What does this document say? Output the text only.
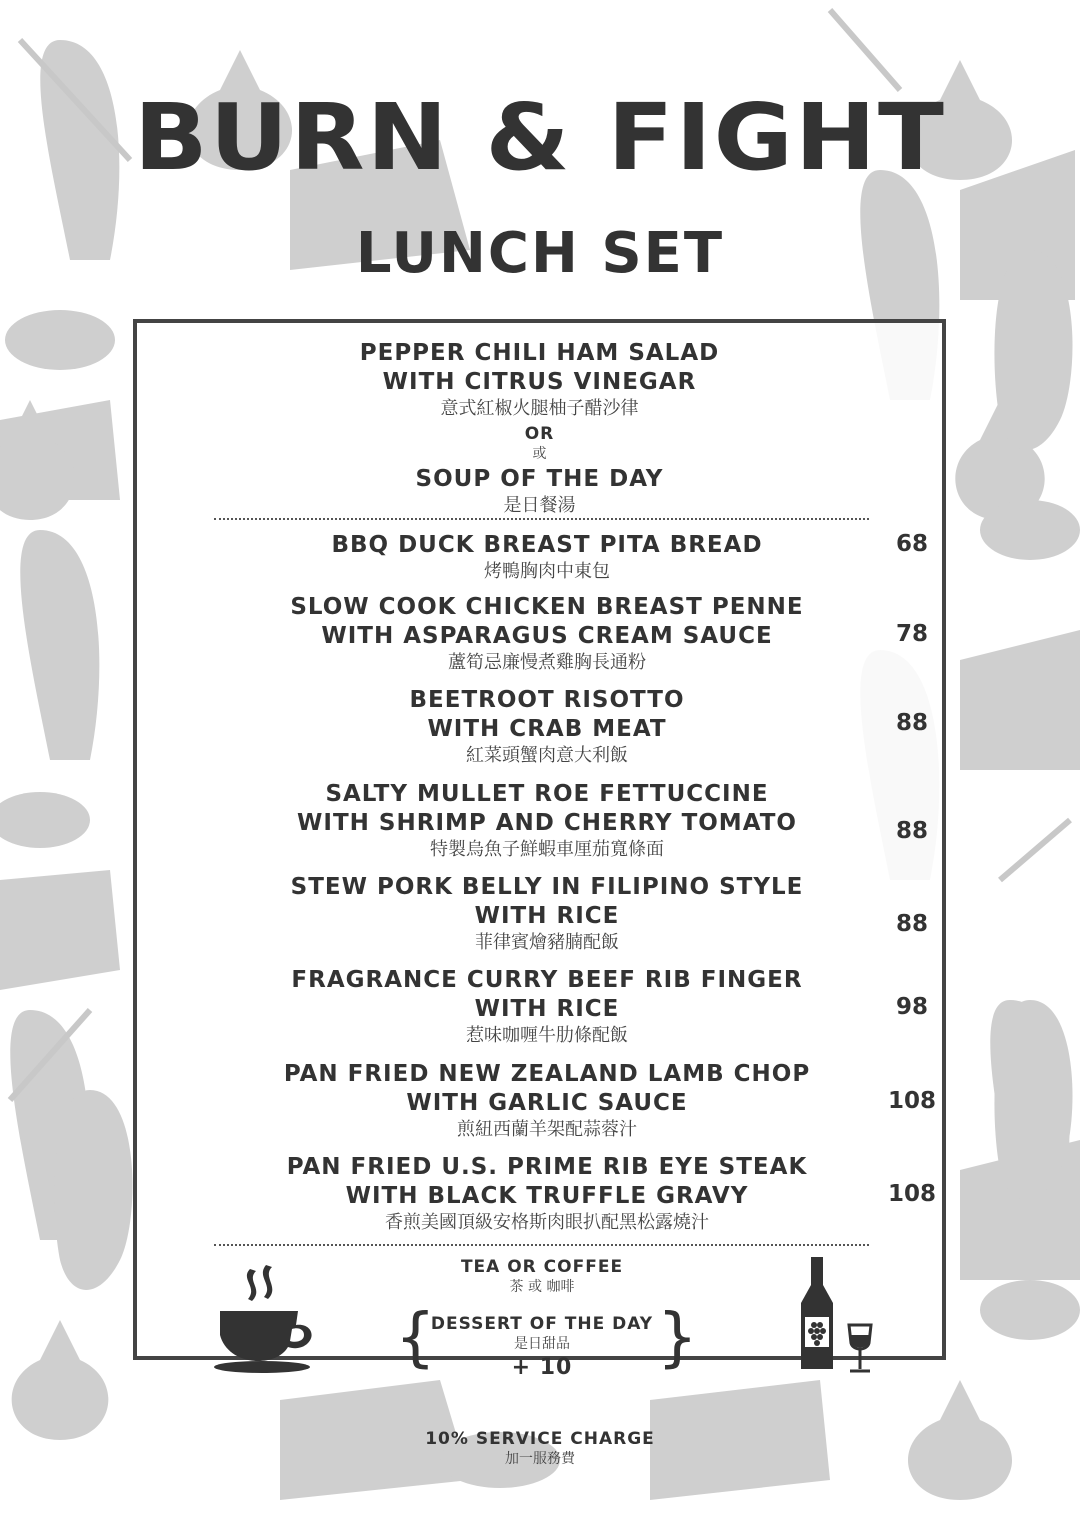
BURN & FIGHT
LUNCH SET
PEPPER CHILI HAM SALAD
WITH CITRUS VINEGAR
意式紅椒火腿柚子醋沙律
OR
或
SOUP OF THE DAY
是日餐湯
BBQ DUCK BREAST PITA BREAD
烤鴨胸肉中東包
68
SLOW COOK CHICKEN BREAST PENNE
WITH ASPARAGUS CREAM SAUCE
蘆筍忌廉慢煮雞胸長通粉
78
BEETROOT RISOTTO
WITH CRAB MEAT
紅菜頭蟹肉意大利飯
88
SALTY MULLET ROE FETTUCCINE
WITH SHRIMP AND CHERRY TOMATO
特製烏魚子鮮蝦車厘茄寬條面
88
STEW PORK BELLY IN FILIPINO STYLE
WITH RICE
菲律賓燴豬腩配飯
88
FRAGRANCE CURRY BEEF RIB FINGER
WITH RICE
惹味咖喱牛肋條配飯
98
PAN FRIED NEW ZEALAND LAMB CHOP
WITH GARLIC SAUCE
煎紐西蘭羊架配蒜蓉汁
108
PAN FRIED U.S. PRIME RIB EYE STEAK
WITH BLACK TRUFFLE GRAVY
香煎美國頂級安格斯肉眼扒配黑松露燒汁
108
TEA OR COFFEE
茶 或 咖啡
DESSERT OF THE DAY
是日甜品
+ 10
{	}
10% SERVICE CHARGE
加一服務費
